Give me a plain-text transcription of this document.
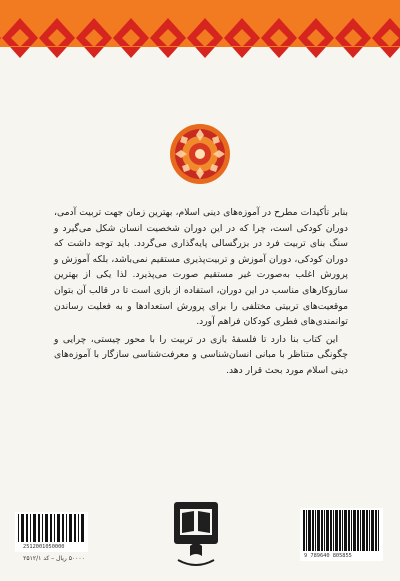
بنابر تأکیدات مطرح در آموزه‌های دینی اسلام، بهترین زمان جهت تربیت آدمی، دوران کودکی است، چرا که در این دوران شخصیت انسان شکل می‌گیرد و سنگ بنای تربیت فرد در بزرگسالی پایه‌گذاری می‌گردد. باید توجه داشت که دوران کودکی، دوران آموزش و تربیت‌پذیری مستقیم نمی‌باشد، بلکه آموزش و پرورش اغلب به‌صورت غیر مستقیم صورت می‌پذیرد. لذا یکی از بهترین سازوکارهای مناسب در این دوران، استفاده از بازی است تا در قالب آن بتوان موقعیت‌های تربیتی مختلفی را برای پرورش استعدادها و به فعلیت رساندن توانمندی‌های فطری کودکان فراهم آورد.

این کتاب بنا دارد تا فلسفهٔ بازی در تربیت را با محور چیستی، چرایی و چگونگی متناظر با مبانی انسان‌شناسی و معرفت‌شناسی سازگار با آموزه‌های دینی اسلام مورد بحث قرار دهد.

2512001050000
۵۰۰۰۰ ریال – کد ۲۵۱۲/۱	9 789640 805855
